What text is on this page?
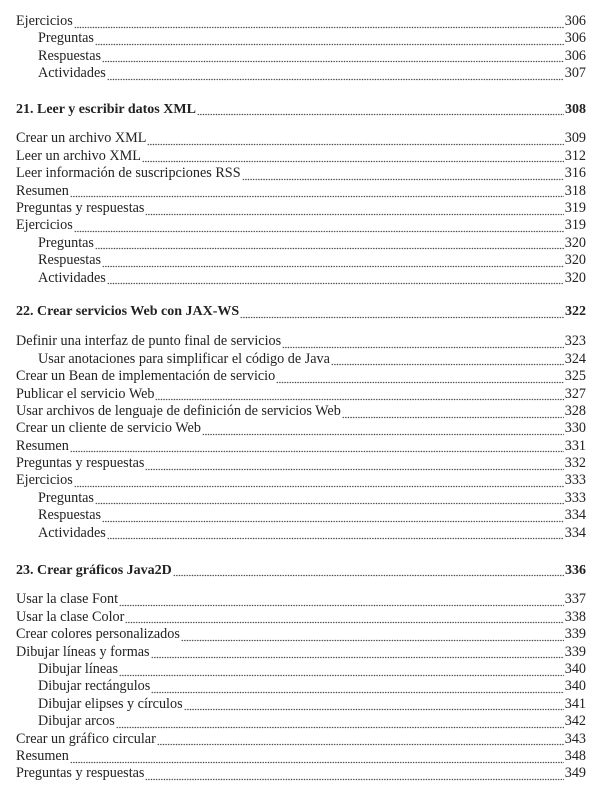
Ejercicios	306
Preguntas	306
Respuestas	306
Actividades	307
21. Leer y escribir datos XML	308
Crear un archivo XML	309
Leer un archivo XML	312
Leer información de suscripciones RSS	316
Resumen	318
Preguntas y respuestas	319
Ejercicios	319
Preguntas	320
Respuestas	320
Actividades	320
22. Crear servicios Web con JAX-WS	322
Definir una interfaz de punto final de servicios	323
Usar anotaciones para simplificar el código de Java	324
Crear un Bean de implementación de servicio	325
Publicar el servicio Web	327
Usar archivos de lenguaje de definición de servicios Web	328
Crear un cliente de servicio Web	330
Resumen	331
Preguntas y respuestas	332
Ejercicios	333
Preguntas	333
Respuestas	334
Actividades	334
23. Crear gráficos Java2D	336
Usar la clase Font	337
Usar la clase Color	338
Crear colores personalizados	339
Dibujar líneas y formas	339
Dibujar líneas	340
Dibujar rectángulos	340
Dibujar elipses y círculos	341
Dibujar arcos	342
Crear un gráfico circular	343
Resumen	348
Preguntas y respuestas	349
